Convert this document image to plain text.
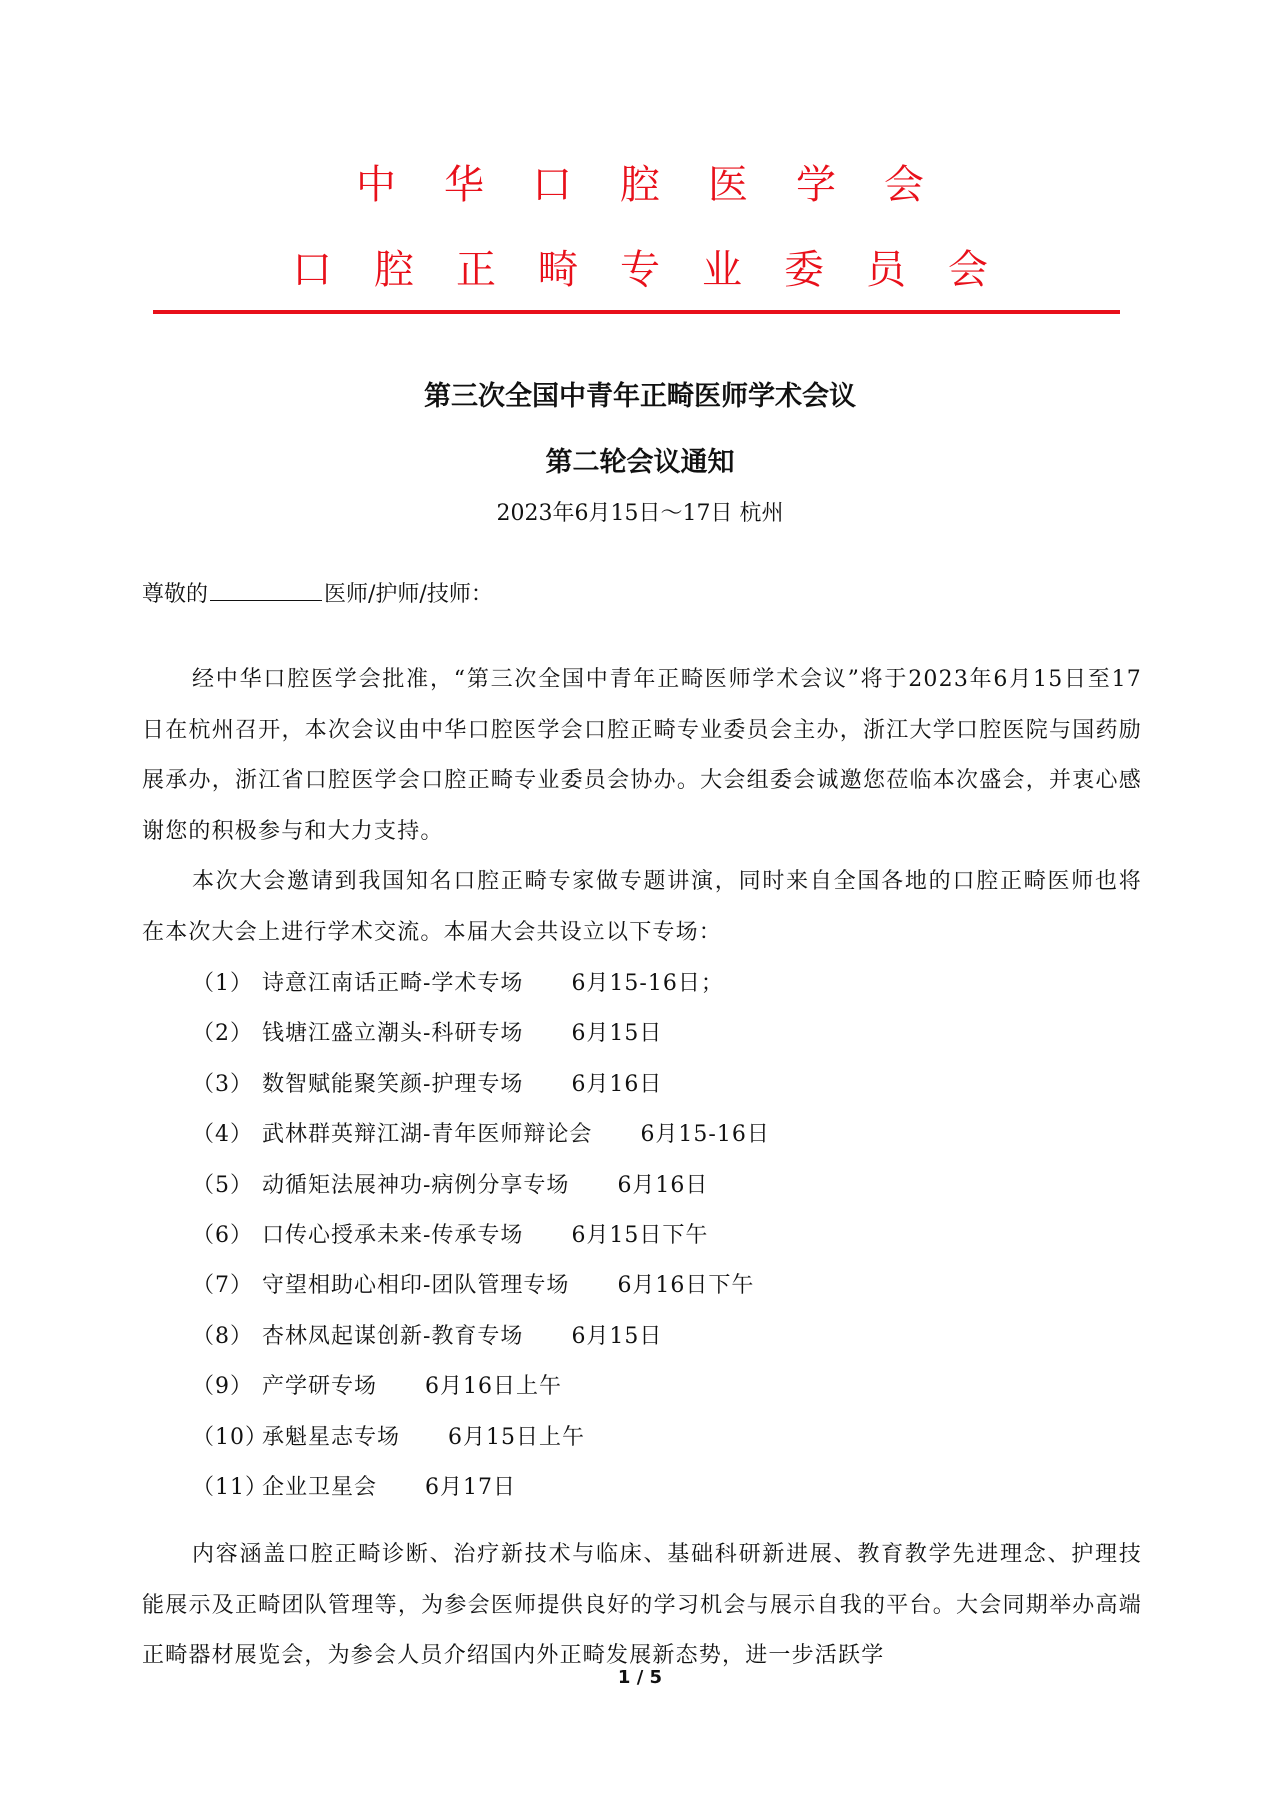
中华口腔医学会
口腔正畸专业委员会
第三次全国中青年正畸医师学术会议
第二轮会议通知
2023年6月15日～17日 杭州
尊敬的	医师/护师/技师：

经中华口腔医学会批准，“第三次全国中青年正畸医师学术会议”将于2023年6月15日至17日在杭州召开，本次会议由中华口腔医学会口腔正畸专业委员会主办，浙江大学口腔医院与国药励展承办，浙江省口腔医学会口腔正畸专业委员会协办。大会组委会诚邀您莅临本次盛会，并衷心感谢您的积极参与和大力支持。

本次大会邀请到我国知名口腔正畸专家做专题讲演，同时来自全国各地的口腔正畸医师也将在本次大会上进行学术交流。本届大会共设立以下专场：

（1） 诗意江南话正畸-学术专场 6月15-16日；
（2） 钱塘江盛立潮头-科研专场 6月15日
（3） 数智赋能聚笑颜-护理专场 6月16日
（4） 武林群英辩江湖-青年医师辩论会 6月15-16日
（5） 动循矩法展神功-病例分享专场 6月16日
（6） 口传心授承未来-传承专场 6月15日下午
（7） 守望相助心相印-团队管理专场 6月16日下午
（8） 杏林凤起谋创新-教育专场 6月15日
（9） 产学研专场 6月16日上午
（10）承魁星志专场 6月15日上午
（11）企业卫星会 6月17日

内容涵盖口腔正畸诊断、治疗新技术与临床、基础科研新进展、教育教学先进理念、护理技能展示及正畸团队管理等，为参会医师提供良好的学习机会与展示自我的平台。大会同期举办高端正畸器材展览会，为参会人员介绍国内外正畸发展新态势，进一步活跃学

1 / 5
